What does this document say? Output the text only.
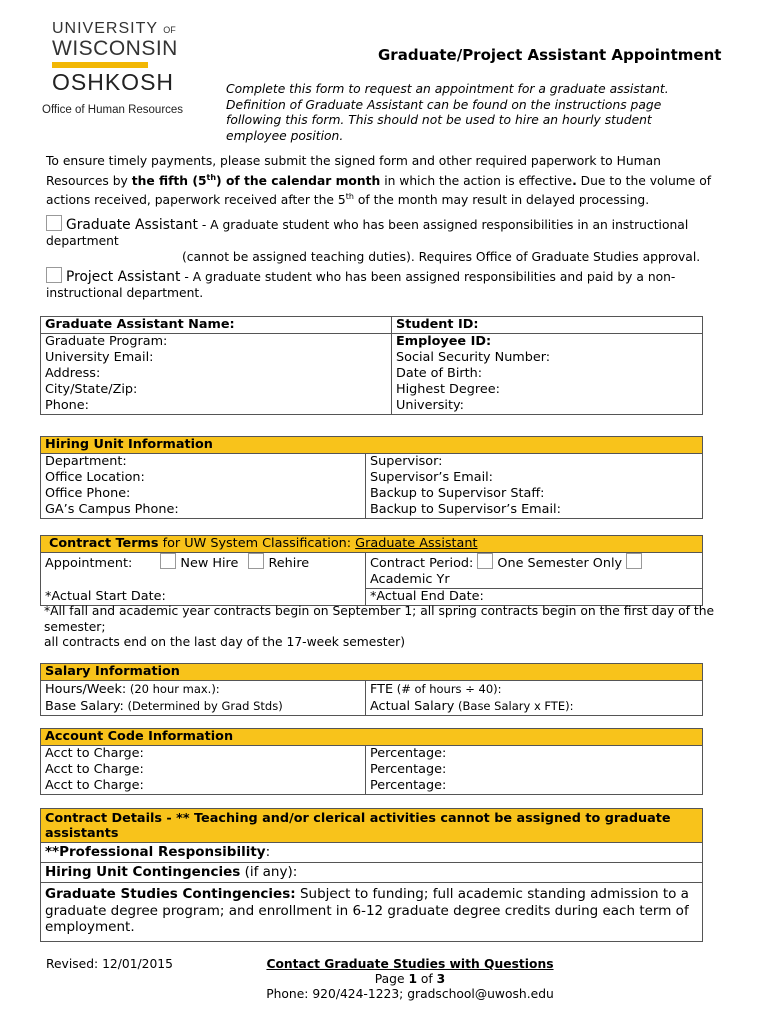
UNIVERSITY OF
WISCONSIN
OSHKOSH
Office of Human Resources
Graduate/Project Assistant Appointment
Complete this form to request an appointment for a graduate assistant. Definition of Graduate Assistant can be found on the instructions page following this form. This should not be used to hire an hourly student employee position.
To ensure timely payments, please submit the signed form and other required paperwork to Human Resources by the fifth (5th) of the calendar month in which the action is effective. Due to the volume of actions received, paperwork received after the 5th of the month may result in delayed processing.
Graduate Assistant - A graduate student who has been assigned responsibilities in an instructional department
(cannot be assigned teaching duties). Requires Office of Graduate Studies approval.
Project Assistant - A graduate student who has been assigned responsibilities and paid by a non-instructional department.
Graduate Assistant Name:	Student ID:
Graduate Program:	Employee ID:
University Email:	Social Security Number:
Address:	Date of Birth:
City/State/Zip:	Highest Degree:
Phone:	University:
Hiring Unit Information	
Department:	Supervisor:
Office Location:	Supervisor’s Email:
Office Phone:	Backup to Supervisor Staff:
GA’s Campus Phone:	Backup to Supervisor’s Email:
Contract Terms for UW System Classification: Graduate Assistant	
Appointment: New Hire Rehire	Contract Period: One Semester Only
Academic Yr
*Actual Start Date:	*Actual End Date:
*All fall and academic year contracts begin on September 1; all spring contracts begin on the first day of the semester;
all contracts end on the last day of the 17-week semester)
Salary Information	
Hours/Week: (20 hour max.):	FTE (# of hours ÷ 40):
Base Salary: (Determined by Grad Stds)	Actual Salary (Base Salary x FTE):
Account Code Information	
Acct to Charge:	Percentage:
Acct to Charge:	Percentage:
Acct to Charge:	Percentage:
Contract Details - ** Teaching and/or clerical activities cannot be assigned to graduate assistants
**Professional Responsibility:
Hiring Unit Contingencies (if any):
Graduate Studies Contingencies: Subject to funding; full academic standing admission to a graduate degree program; and enrollment in 6-12 graduate degree credits during each term of employment.
Revised: 12/01/2015	Contact Graduate Studies with Questions
Page 1 of 3
Phone: 920/424-1223; gradschool@uwosh.edu
